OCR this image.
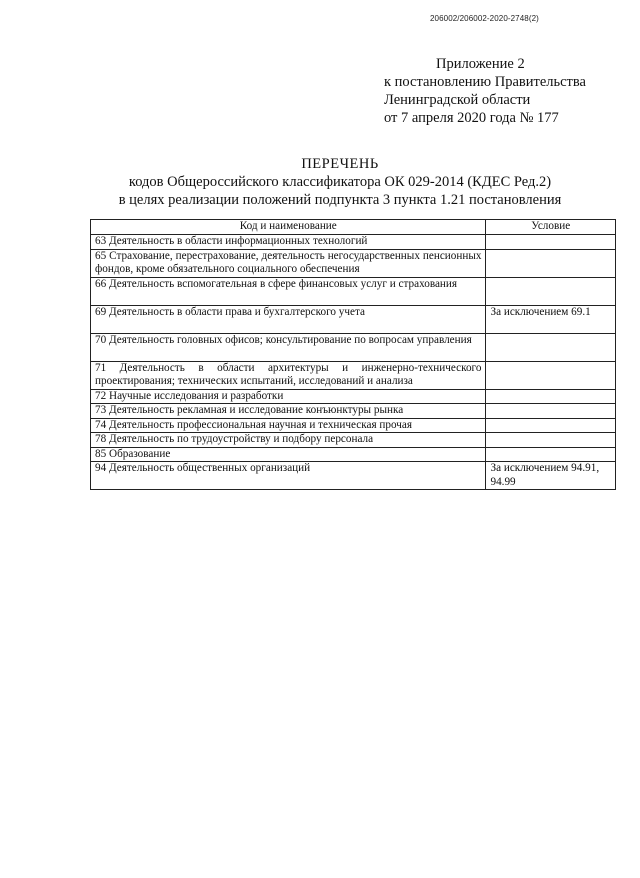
206002/206002-2020-2748(2)
Приложение 2
к постановлению Правительства
Ленинградской области
от 7 апреля 2020 года № 177
ПЕРЕЧЕНЬ
кодов Общероссийского классификатора ОК 029-2014 (КДЕС Ред.2)
в целях реализации положений подпункта 3 пункта 1.21 постановления
Код и наименование	Условие
63 Деятельность в области информационных технологий	
65 Страхование, перестрахование, деятельность негосударственных пенсионных фондов, кроме обязательного социального обеспечения	
66 Деятельность вспомогательная в сфере финансовых услуг и страхования	
69 Деятельность в области права и бухгалтерского учета	За исключением 69.1
70 Деятельность головных офисов; консультирование по вопросам управления	
71 Деятельность в области архитектуры и инженерно-технического проектирования; технических испытаний, исследований и анализа	
72 Научные исследования и разработки	
73 Деятельность рекламная и исследование конъюнктуры рынка	
74 Деятельность профессиональная научная и техническая прочая	
78 Деятельность по трудоустройству и подбору персонала	
85 Образование	
94 Деятельность общественных организаций	За исключением 94.91, 94.99
